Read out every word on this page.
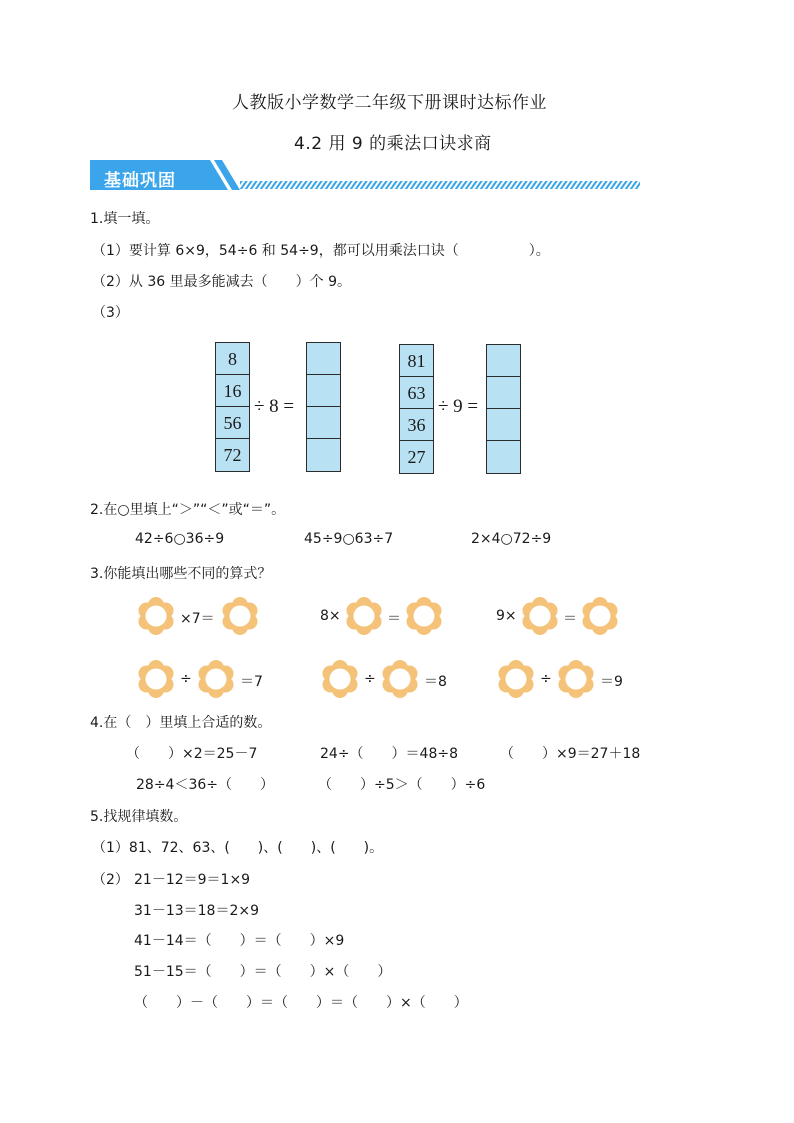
人教版小学数学二年级下册课时达标作业
4.2 用 9 的乘法口诀求商
基础巩固
1.填一填。
（1）要计算 6×9，54÷6 和 54÷9，都可以用乘法口诀（　　　　　）。
（2）从 36 里最多能减去（　　）个 9。
（3）
8
16
56
72
÷ 8 =
81
63
36
27
÷ 9 =
2.在○里填上“＞”“＜”或“＝”。
42÷6○36÷9	45÷9○63÷7	2×4○72÷9
3.你能填出哪些不同的算式？
×7＝	8×	＝	9×	＝
÷	＝7	÷	＝8	÷	＝9
4.在（　）里填上合适的数。
（　　）×2＝25－7	24÷（　　）＝48÷8	（　　）×9＝27＋18
28÷4＜36÷（　　）	（　　）÷5＞（　　）÷6
5.找规律填数。
（1）81、72、63、(　　)、(　　)、(　　)。
（2） 21－12＝9＝1×9
31－13＝18＝2×9
41－14＝（　　）＝（　　）×9
51－15＝（　　）＝（　　）×（　　）
（　　）－（　　）＝（　　）＝（　　）×（　　）
